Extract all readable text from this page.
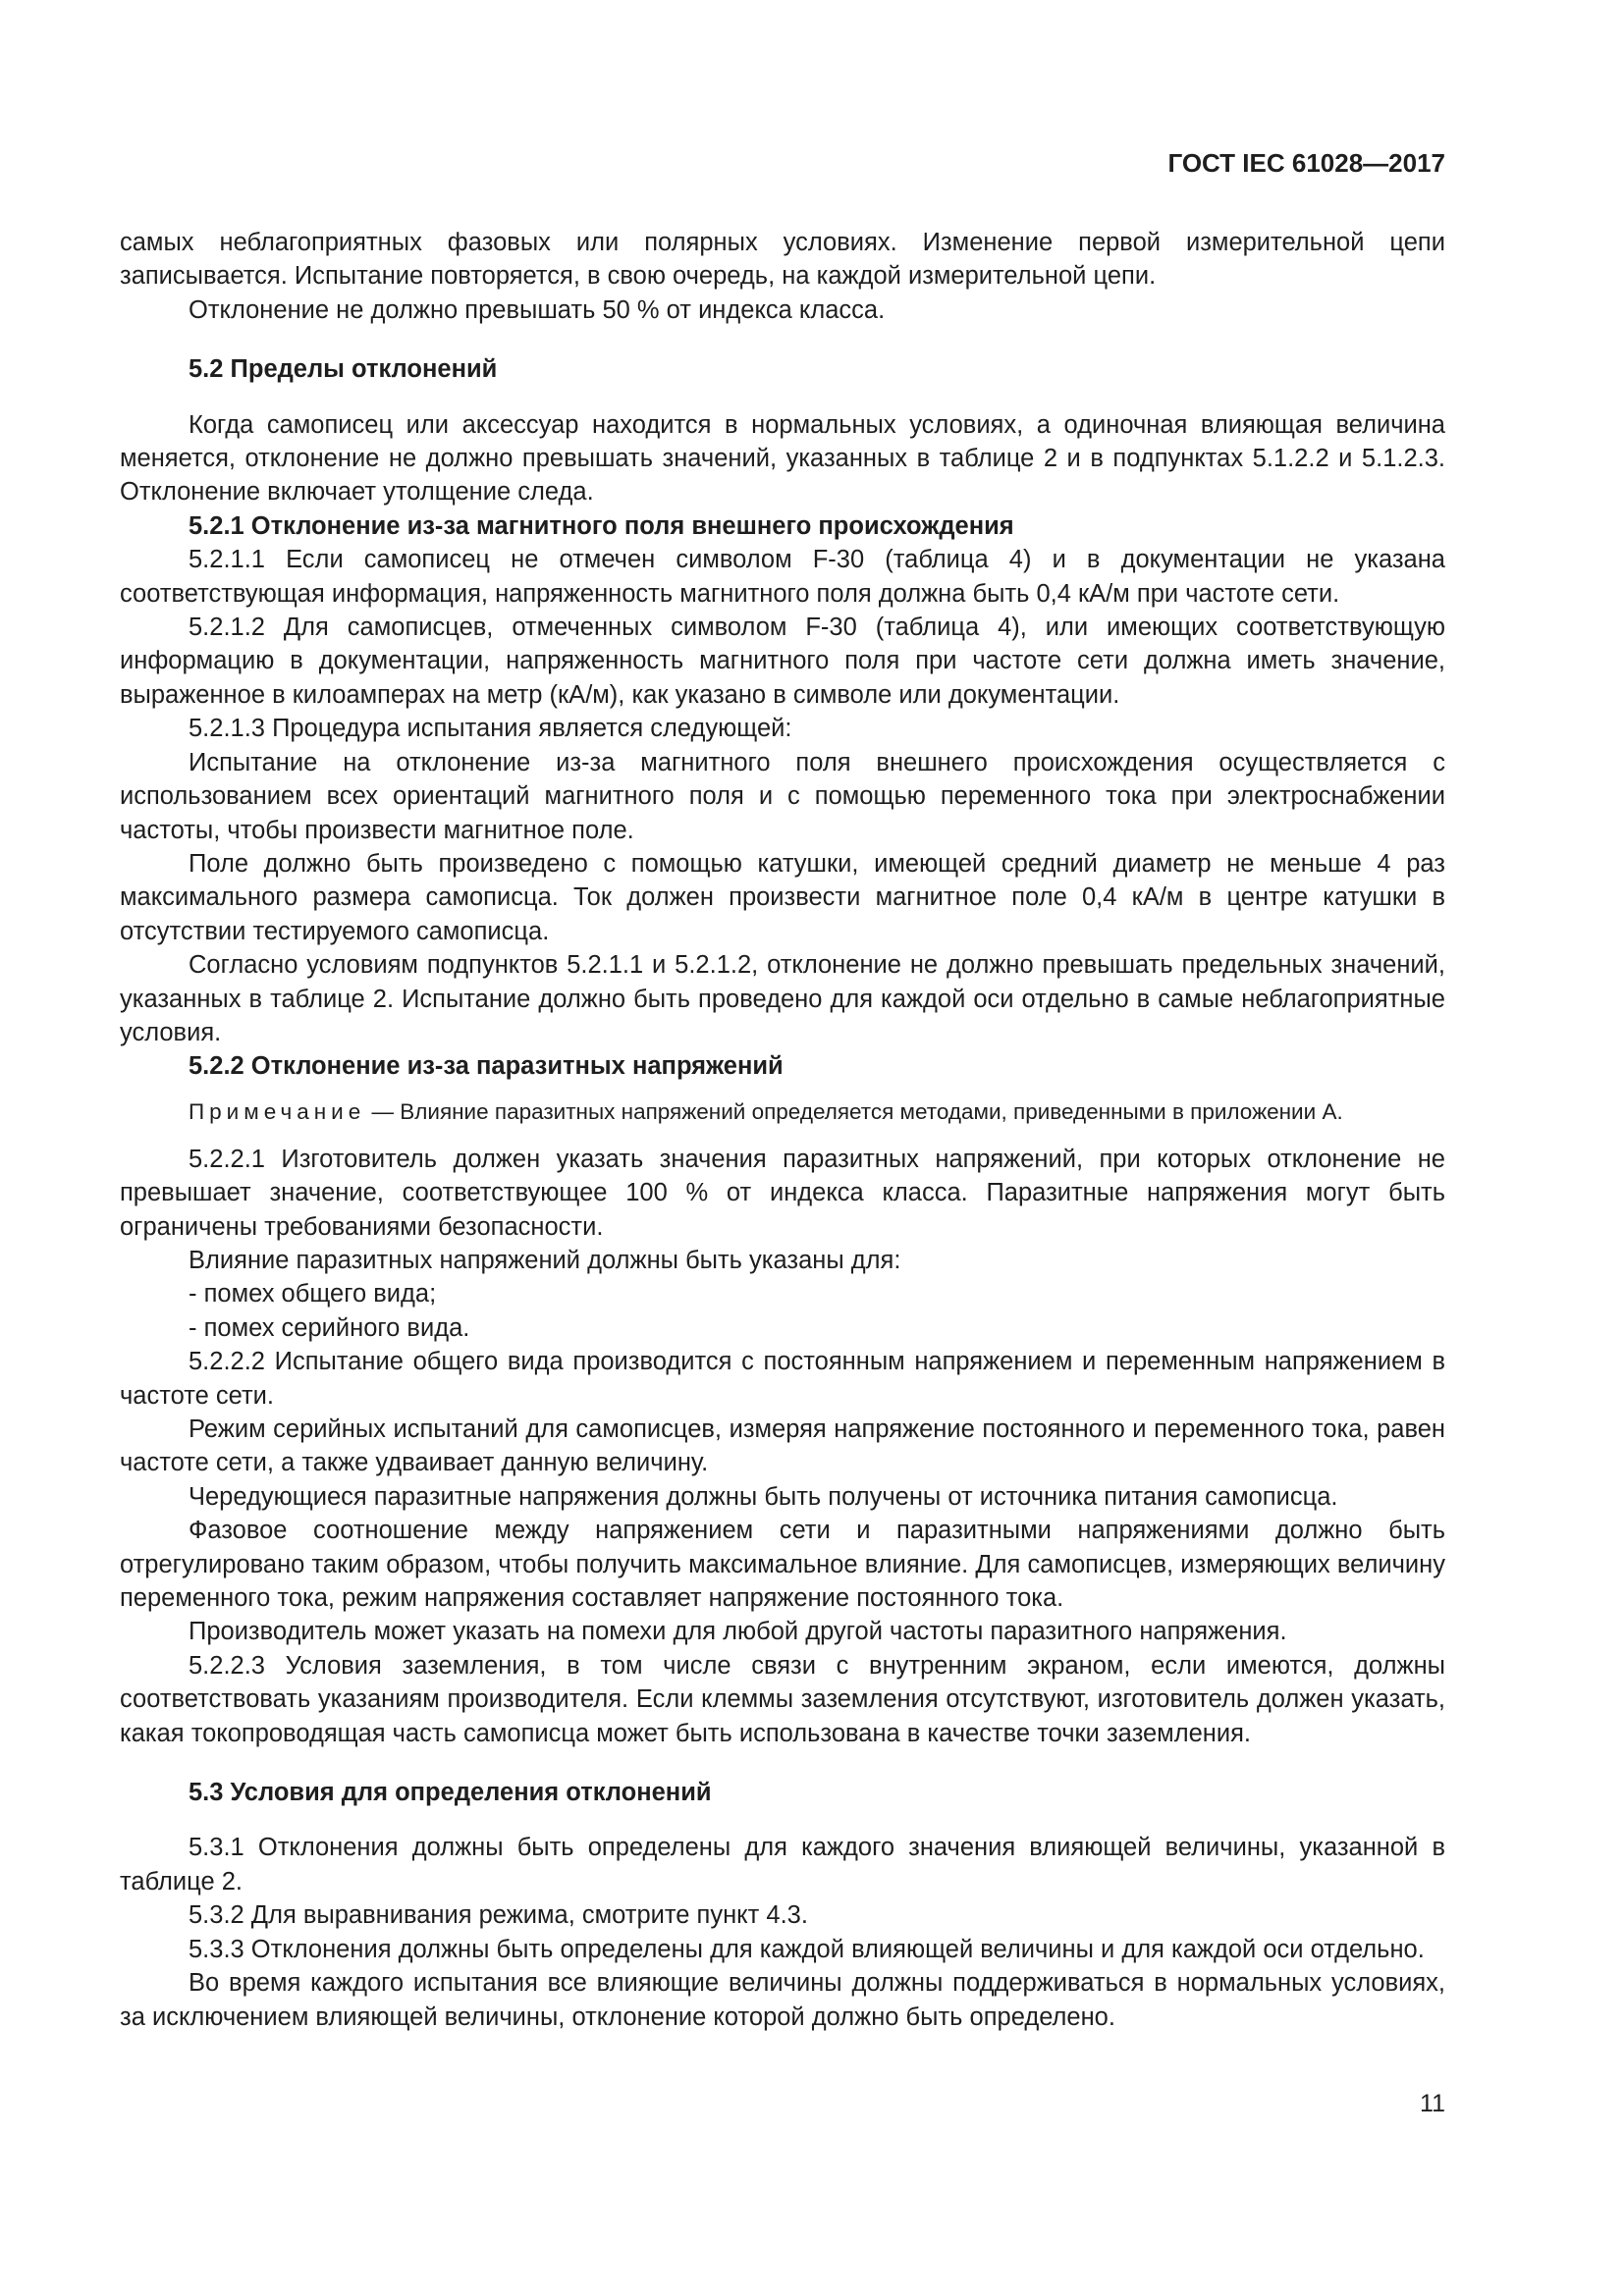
ГОСТ IEC 61028—2017

самых неблагоприятных фазовых или полярных условиях. Изменение первой измерительной цепи записывается. Испытание повторяется, в свою очередь, на каждой измерительной цепи.

Отклонение не должно превышать 50 % от индекса класса.

5.2 Пределы отклонений

Когда самописец или аксессуар находится в нормальных условиях, а одиночная влияющая величина меняется, отклонение не должно превышать значений, указанных в таблице 2 и в подпунктах 5.1.2.2 и 5.1.2.3. Отклонение включает утолщение следа.

5.2.1 Отклонение из-за магнитного поля внешнего происхождения

5.2.1.1 Если самописец не отмечен символом F-30 (таблица 4) и в документации не указана соответствующая информация, напряженность магнитного поля должна быть 0,4 кА/м при частоте сети.

5.2.1.2 Для самописцев, отмеченных символом F-30 (таблица 4), или имеющих соответствующую информацию в документации, напряженность магнитного поля при частоте сети должна иметь значение, выраженное в килоамперах на метр (кА/м), как указано в символе или документации.

5.2.1.3 Процедура испытания является следующей:

Испытание на отклонение из-за магнитного поля внешнего происхождения осуществляется с использованием всех ориентаций магнитного поля и с помощью переменного тока при электроснабжении частоты, чтобы произвести магнитное поле.

Поле должно быть произведено с помощью катушки, имеющей средний диаметр не меньше 4 раз максимального размера самописца. Ток должен произвести магнитное поле 0,4 кА/м в центре катушки в отсутствии тестируемого самописца.

Согласно условиям подпунктов 5.2.1.1 и 5.2.1.2, отклонение не должно превышать предельных значений, указанных в таблице 2. Испытание должно быть проведено для каждой оси отдельно в самые неблагоприятные условия.

5.2.2 Отклонение из-за паразитных напряжений

Примечание — Влияние паразитных напряжений определяется методами, приведенными в приложении А.

5.2.2.1 Изготовитель должен указать значения паразитных напряжений, при которых отклонение не превышает значение, соответствующее 100 % от индекса класса. Паразитные напряжения могут быть ограничены требованиями безопасности.

Влияние паразитных напряжений должны быть указаны для:

- помех общего вида;

- помех серийного вида.

5.2.2.2 Испытание общего вида производится с постоянным напряжением и переменным напряжением в частоте сети.

Режим серийных испытаний для самописцев, измеряя напряжение постоянного и переменного тока, равен частоте сети, а также удваивает данную величину.

Чередующиеся паразитные напряжения должны быть получены от источника питания самописца.

Фазовое соотношение между напряжением сети и паразитными напряжениями должно быть отрегулировано таким образом, чтобы получить максимальное влияние. Для самописцев, измеряющих величину переменного тока, режим напряжения составляет напряжение постоянного тока.

Производитель может указать на помехи для любой другой частоты паразитного напряжения.

5.2.2.3 Условия заземления, в том числе связи с внутренним экраном, если имеются, должны соответствовать указаниям производителя. Если клеммы заземления отсутствуют, изготовитель должен указать, какая токопроводящая часть самописца может быть использована в качестве точки заземления.

5.3 Условия для определения отклонений

5.3.1 Отклонения должны быть определены для каждого значения влияющей величины, указанной в таблице 2.

5.3.2 Для выравнивания режима, смотрите пункт 4.3.

5.3.3 Отклонения должны быть определены для каждой влияющей величины и для каждой оси отдельно.

Во время каждого испытания все влияющие величины должны поддерживаться в нормальных условиях, за исключением влияющей величины, отклонение которой должно быть определено.

11
